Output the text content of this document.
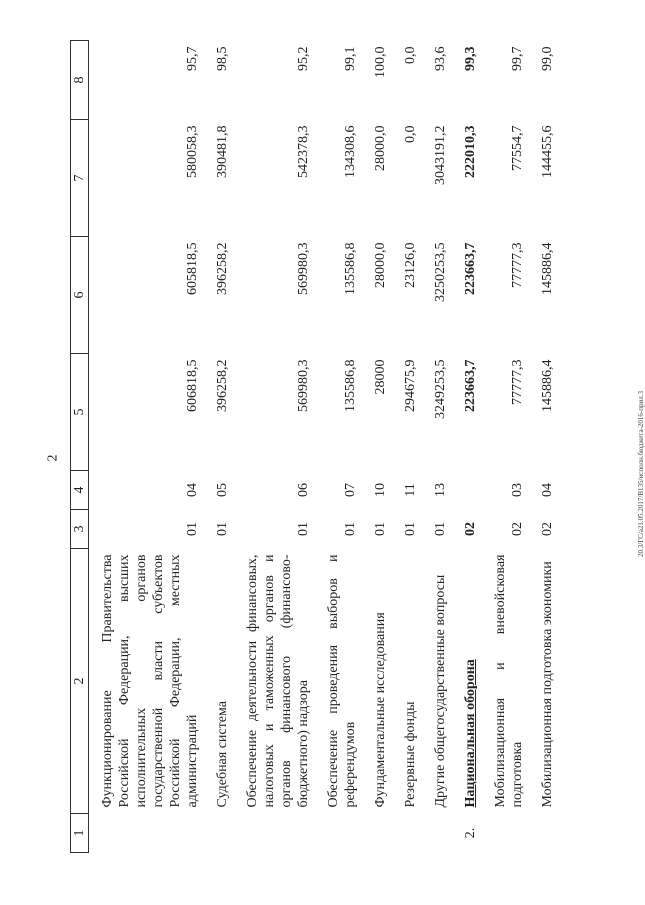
2	20.3/ГС/а21.05.2017/В135/исполн.бюджета-2016-прил.3
1	2	3	4	5	6	7	8
	Функционирование Правительства Российской Федерации, высших исполнительных органов государственной власти субъектов Российской Федерации, местных администраций	01	04	606818,5	605818,5	580058,3	95,7
	Судебная система	01	05	396258,2	396258,2	390481,8	98,5
	Обеспечение деятельности финансовых, налоговых и таможенных органов и органов финансового (финансово-бюджетного) надзора	01	06	569980,3	569980,3	542378,3	95,2
	Обеспечение проведения выборов и референдумов	01	07	135586,8	135586,8	134308,6	99,1
	Фундаментальные исследования	01	10	28000	28000,0	28000,0	100,0
	Резервные фонды	01	11	294675,9	23126,0	0,0	0,0
	Другие общегосударственные вопросы	01	13	3249253,5	3250253,5	3043191,2	93,6
2.	Национальная оборона	02		223663,7	223663,7	222010,3	99,3
	Мобилизационная и вневойсковая подготовка	02	03	77777,3	77777,3	77554,7	99,7
	Мобилизационная подготовка экономики	02	04	145886,4	145886,4	144455,6	99,0
